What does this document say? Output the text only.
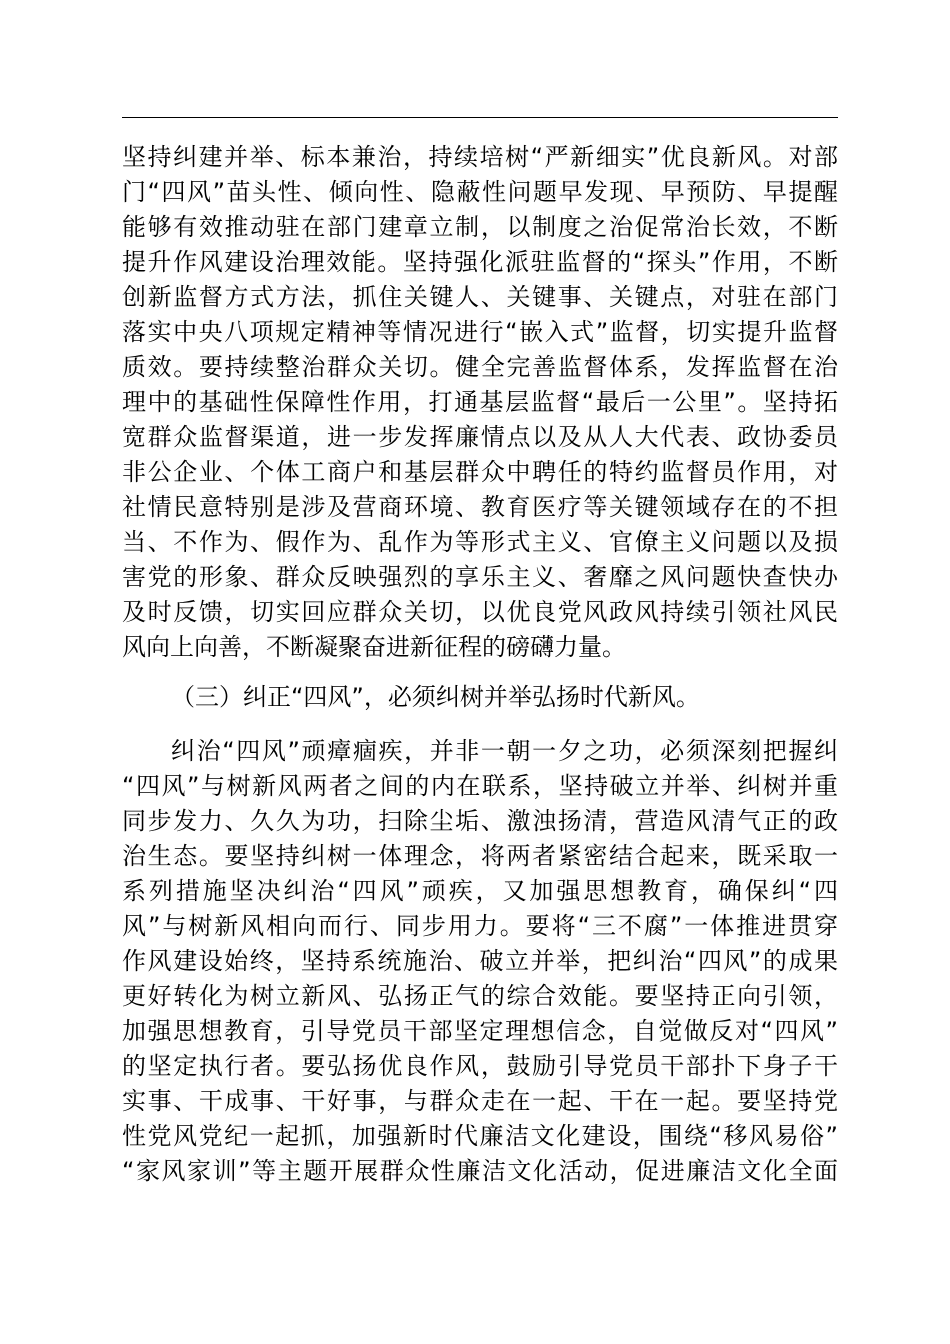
坚持纠建并举、标本兼治，持续培树“严新细实”优良新风。对部
门“四风”苗头性、倾向性、隐蔽性问题早发现、早预防、早提醒
能够有效推动驻在部门建章立制，以制度之治促常治长效，不断
提升作风建设治理效能。坚持强化派驻监督的“探头”作用，不断
创新监督方式方法，抓住关键人、关键事、关键点，对驻在部门
落实中央八项规定精神等情况进行“嵌入式”监督，切实提升监督
质效。要持续整治群众关切。健全完善监督体系，发挥监督在治
理中的基础性保障性作用，打通基层监督“最后一公里”。坚持拓
宽群众监督渠道，进一步发挥廉情点以及从人大代表、政协委员
非公企业、个体工商户和基层群众中聘任的特约监督员作用，对
社情民意特别是涉及营商环境、教育医疗等关键领域存在的不担
当、不作为、假作为、乱作为等形式主义、官僚主义问题以及损
害党的形象、群众反映强烈的享乐主义、奢靡之风问题快查快办
及时反馈，切实回应群众关切，以优良党风政风持续引领社风民
风向上向善，不断凝聚奋进新征程的磅礴力量。
（三）纠正“四风”，必须纠树并举弘扬时代新风。
纠治“四风”顽瘴痼疾，并非一朝一夕之功，必须深刻把握纠
“四风”与树新风两者之间的内在联系，坚持破立并举、纠树并重
同步发力、久久为功，扫除尘垢、激浊扬清，营造风清气正的政
治生态。要坚持纠树一体理念，将两者紧密结合起来，既采取一
系列措施坚决纠治“四风”顽疾，又加强思想教育，确保纠“四
风”与树新风相向而行、同步用力。要将“三不腐”一体推进贯穿
作风建设始终，坚持系统施治、破立并举，把纠治“四风”的成果
更好转化为树立新风、弘扬正气的综合效能。要坚持正向引领，
加强思想教育，引导党员干部坚定理想信念，自觉做反对“四风”
的坚定执行者。要弘扬优良作风，鼓励引导党员干部扑下身子干
实事、干成事、干好事，与群众走在一起、干在一起。要坚持党
性党风党纪一起抓，加强新时代廉洁文化建设，围绕“移风易俗”
“家风家训”等主题开展群众性廉洁文化活动，促进廉洁文化全面
